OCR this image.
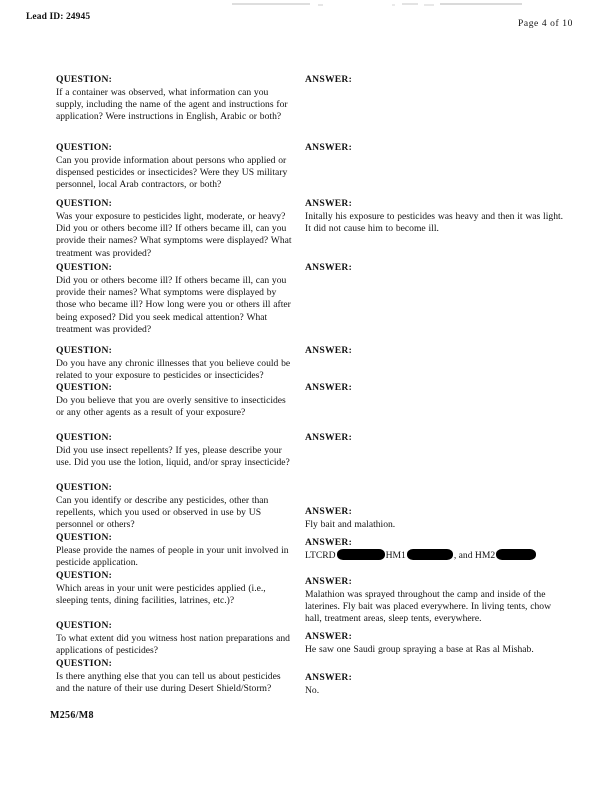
Lead ID: 24945
Page 4 of 10
QUESTION:
If a container was observed, what information can you supply, including the name of the agent and instructions for application? Were instructions in English, Arabic or both?
QUESTION:
Can you provide information about persons who applied or dispensed pesticides or insecticides? Were they US military personnel, local Arab contractors, or both?
QUESTION:
Was your exposure to pesticides light, moderate, or heavy? Did you or others become ill? If others became ill, can you provide their names? What symptoms were displayed? What treatment was provided?
QUESTION:
Did you or others become ill? If others became ill, can you provide their names? What symptoms were displayed by those who became ill? How long were you or others ill after being exposed? Did you seek medical attention? What treatment was provided?
QUESTION:
Do you have any chronic illnesses that you believe could be related to your exposure to pesticides or insecticides?
QUESTION:
Do you believe that you are overly sensitive to insecticides or any other agents as a result of your exposure?
QUESTION:
Did you use insect repellents? If yes, please describe your use. Did you use the lotion, liquid, and/or spray insecticide?
QUESTION:
Can you identify or describe any pesticides, other than repellents, which you used or observed in use by US personnel or others?
QUESTION:
Please provide the names of people in your unit involved in pesticide application.
QUESTION:
Which areas in your unit were pesticides applied (i.e., sleeping tents, dining facilities, latrines, etc.)?
QUESTION:
To what extent did you witness host nation preparations and applications of pesticides?
QUESTION:
Is there anything else that you can tell us about pesticides and the nature of their use during Desert Shield/Storm?
ANSWER:
ANSWER:
ANSWER:
Initally his exposure to pesticides was heavy and then it was light. It did not cause him to become ill.
ANSWER:
ANSWER:
ANSWER:
ANSWER:
ANSWER:
Fly bait and malathion.
ANSWER:
LTCRD	HM1	, and HM2
ANSWER:
Malathion was sprayed throughout the camp and inside of the laterines. Fly bait was placed everywhere. In living tents, chow hall, treatment areas, sleep tents, everywhere.
ANSWER:
He saw one Saudi group spraying a base at Ras al Mishab.
ANSWER:
No.
M256/M8
